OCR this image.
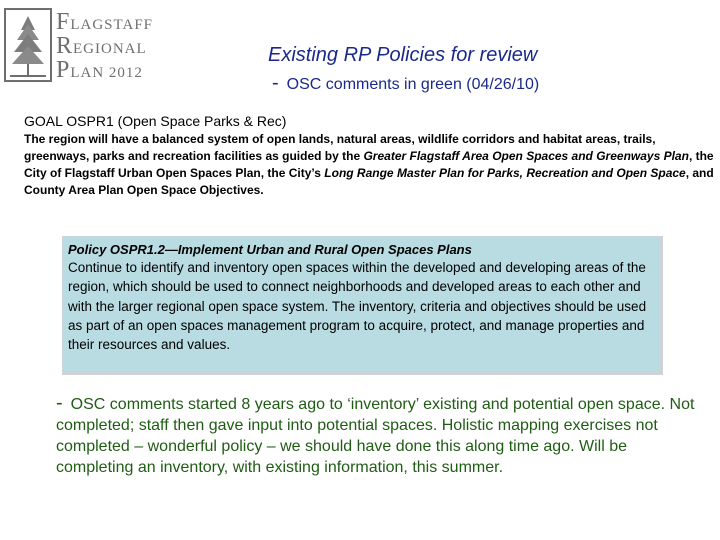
FLAGSTAFF
REGIONAL
PLAN 2012
Existing RP Policies for review
- OSC comments in green (04/26/10)
GOAL OSPR1 (Open Space Parks & Rec)
The region will have a balanced system of open lands, natural areas, wildlife corridors and habitat areas, trails, greenways, parks and recreation facilities as guided by the Greater Flagstaff Area Open Spaces and Greenways Plan, the City of Flagstaff Urban Open Spaces Plan, the City’s Long Range Master Plan for Parks, Recreation and Open Space, and County Area Plan Open Space Objectives.
Policy OSPR1.2—Implement Urban and Rural Open Spaces Plans
Continue to identify and inventory open spaces within the developed and developing areas of the region, which should be used to connect neighborhoods and developed areas to each other and with the larger regional open space system. The inventory, criteria and objectives should be used as part of an open spaces management program to acquire, protect, and manage properties and their resources and values.
- OSC comments started 8 years ago to ‘inventory’ existing and potential open space. Not completed; staff then gave input into potential spaces. Holistic mapping exercises not completed – wonderful policy – we should have done this along time ago. Will be completing an inventory, with existing information, this summer.
